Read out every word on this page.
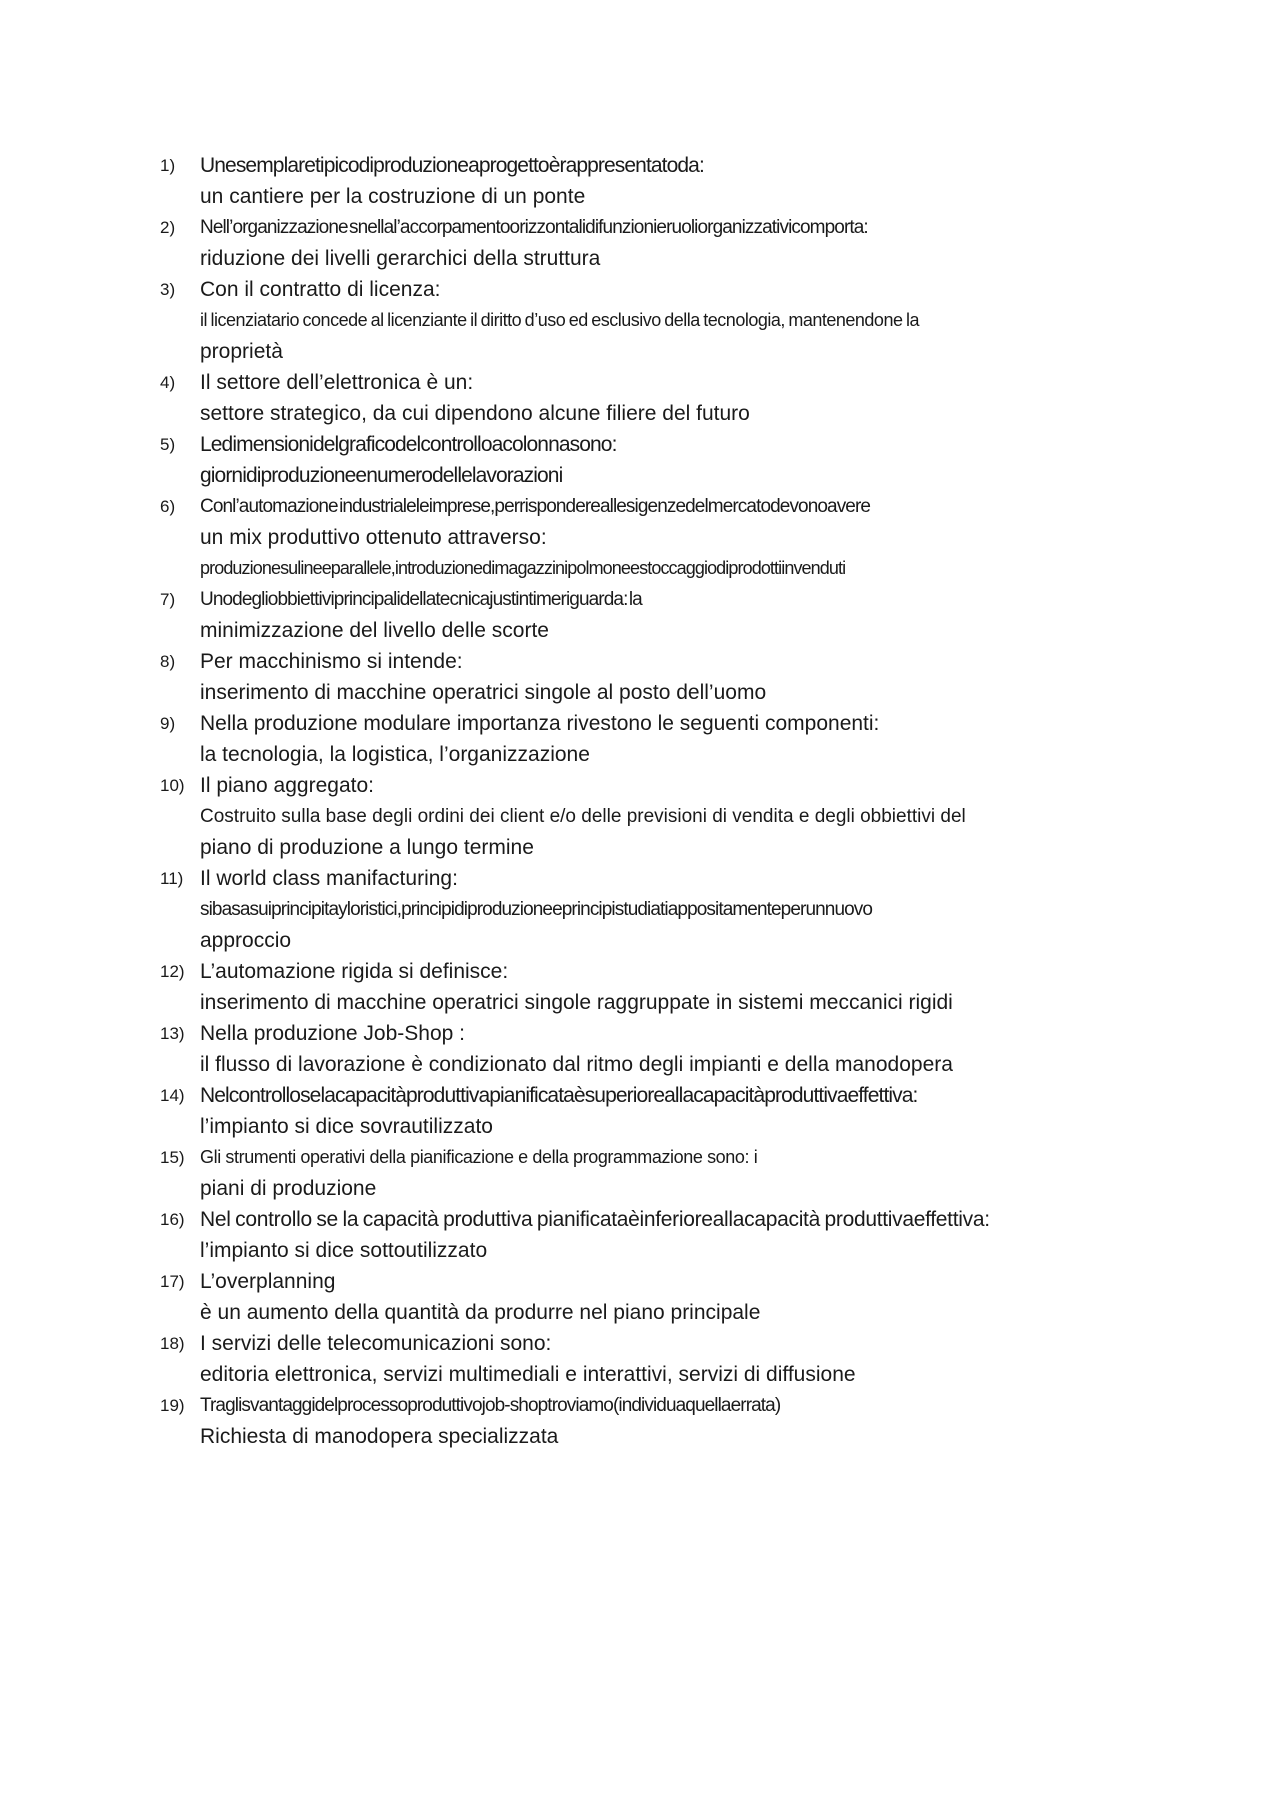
1) Unesemplaretipicodiproduzioneaprogettoèrappresentatoda:
un cantiere per la costruzione di un ponte
2) Nell’organizzazione snellal’accorpamentoorizzontalidifunzionieruoliorganizzativicomporta:
riduzione dei livelli gerarchici della struttura
3) Con il contratto di licenza:
il licenziatario concede al licenziante il diritto d’uso ed esclusivo della tecnologia, mantenendone la
proprietà
4) Il settore dell’elettronica è un:
settore strategico, da cui dipendono alcune filiere del futuro
5) Ledimensionidelgraficodelcontrolloacolonnasono:
giornidiproduzioneenumerodellelavorazioni
6) Conl’automazione industrialeleimprese,perrispondereallesigenzedelmercatodevonoavere
un mix produttivo ottenuto attraverso:
produzionesulineeparallele,introduzionedimagazzinipolmoneestoccaggiodiprodottiinvenduti
7) Unodegliobbiettiviprincipalidellatecnicajustintimeriguarda: la
minimizzazione del livello delle scorte
8) Per macchinismo si intende:
inserimento di macchine operatrici singole al posto dell’uomo
9) Nella produzione modulare importanza rivestono le seguenti componenti:
la tecnologia, la logistica, l’organizzazione
10) Il piano aggregato:
Costruito sulla base degli ordini dei client e/o delle previsioni di vendita e degli obbiettivi del
piano di produzione a lungo termine
11) Il world class manifacturing:
sibasasuiprincipitayloristici,principidiproduzioneeprincipistudiatiappositamenteperunnuovo
approccio
12) L’automazione rigida si definisce:
inserimento di macchine operatrici singole raggruppate in sistemi meccanici rigidi
13) Nella produzione Job-Shop :
il flusso di lavorazione è condizionato dal ritmo degli impianti e della manodopera
14) Nelcontrolloselacapacitàproduttivapianificataèsuperioreallacapacitàproduttivaeffettiva:
l’impianto si dice sovrautilizzato
15) Gli strumenti operativi della pianificazione e della programmazione sono: i
piani di produzione
16) Nel controllo se la capacità produttiva pianificataèinferioreallacapacità produttivaeffettiva:
l’impianto si dice sottoutilizzato
17) L’overplanning
è un aumento della quantità da produrre nel piano principale
18) I servizi delle telecomunicazioni sono:
editoria elettronica, servizi multimediali e interattivi, servizi di diffusione
19) Traglisvantaggidelprocessoproduttivojob-shoptroviamo(individuaquellaerrata)
Richiesta di manodopera specializzata
